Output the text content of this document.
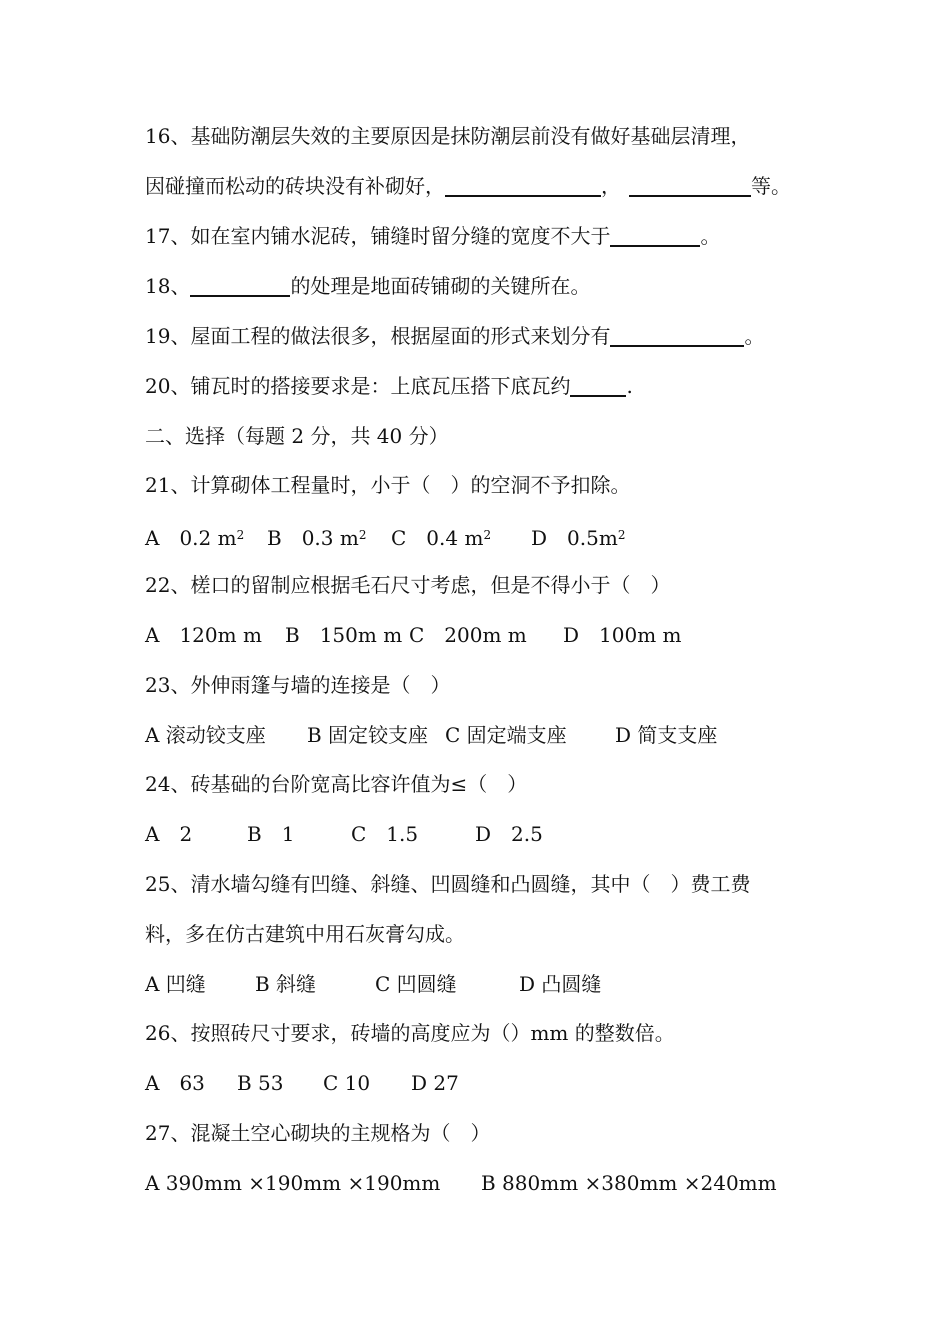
16、基础防潮层失效的主要原因是抹防潮层前没有做好基础层清理，
因碰撞而松动的砖块没有补砌好，	，	等。
17、如在室内铺水泥砖，铺缝时留分缝的宽度不大于	。
18、	的处理是地面砖铺砌的关键所在。
19、屋面工程的做法很多，根据屋面的形式来划分有	。
20、铺瓦时的搭接要求是：上底瓦压搭下底瓦约	.
二、选择（每题 2 分，共 40 分）
21、计算砌体工程量时，小于（　）的空洞不予扣除。
A　0.2 $m^2$ B　0.3 $m^2$ C　0.4 $m^2$ D　$0.5m^2$
22、槎口的留制应根据毛石尺寸考虑，但是不得小于（　）
A　120m m B　150m m C　200m m D　100m m
23、外伸雨篷与墙的连接是（　）
A 滚动铰支座 B 固定铰支座 C 固定端支座 D 简支支座
24、砖基础的台阶宽高比容许值为≤（　）
A　2	B　1	C　1.5	D　2.5
25、清水墙勾缝有凹缝、斜缝、凹圆缝和凸圆缝，其中（　）费工费
料，多在仿古建筑中用石灰膏勾成。
A 凹缝 B 斜缝	C 凹圆缝	D 凸圆缝
26、按照砖尺寸要求，砖墙的高度应为（）mm 的整数倍。
A　63 B 53 C 10 D 27
27、混凝土空心砌块的主规格为（　）
A 390mm ×190mm ×190mm B 880mm ×380mm ×240mm
